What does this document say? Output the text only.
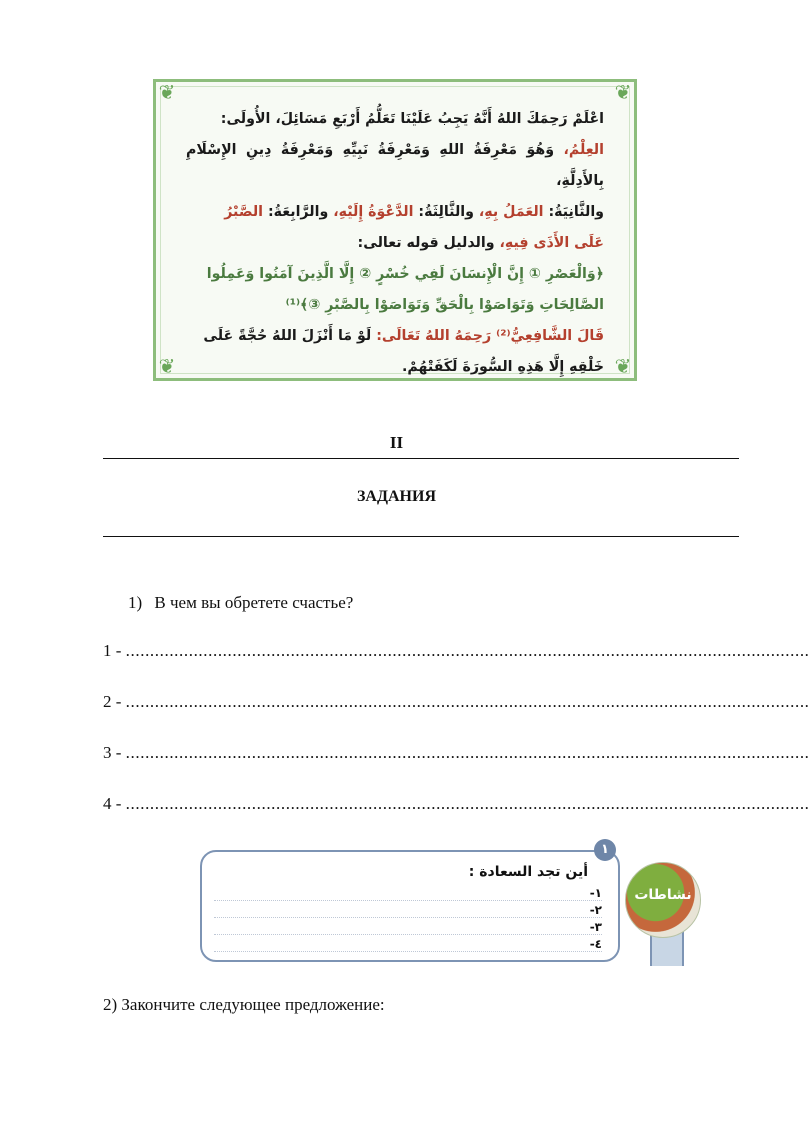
❦	❦
❦	❦
اعْلَمْ رَحِمَكَ اللهُ أَنَّهُ يَجِبُ عَلَيْنَا تَعَلُّمُ أَرْبَعِ مَسَائِلَ، الأُولَى:
العِلْمُ، وَهُوَ مَعْرِفَةُ اللهِ وَمَعْرِفَةُ نَبِيِّهِ وَمَعْرِفَةُ دِينِ الإِسْلَامِ بِالأَدِلَّةِ،
والثَّانِيَةُ: العَمَلُ بِهِ، والثَّالِثَةُ: الدَّعْوَةُ إِلَيْهِ، والرَّابِعَةُ: الصَّبْرُ
عَلَى الأَذَى فِيهِ، والدليل قوله تعالى:
﴿وَالْعَصْرِ ① إِنَّ الْإِنسَانَ لَفِي خُسْرٍ ② إِلَّا الَّذِينَ آمَنُوا وَعَمِلُوا
الصَّالِحَاتِ وَتَوَاصَوْا بِالْحَقِّ وَتَوَاصَوْا بِالصَّبْرِ ③﴾⁽¹⁾
قَالَ الشَّافِعِيُّ⁽²⁾ رَحِمَهُ اللهُ تَعَالَى: لَوْ مَا أَنْزَلَ اللهُ حُجَّةً عَلَى
خَلْقِهِ إِلَّا هَذِهِ السُّورَةَ لَكَفَتْهُمْ.
II
ЗАДАНИЯ
1) В чем вы обретете счастье?
1 - .............................................................................................................................................
2 - .............................................................................................................................................
3 - .............................................................................................................................................
4 - .............................................................................................................................................
أين تجد السعادة :
١-
٢-
٣-
٤-
١
نشاطات
2) Закончите следующее предложение:
